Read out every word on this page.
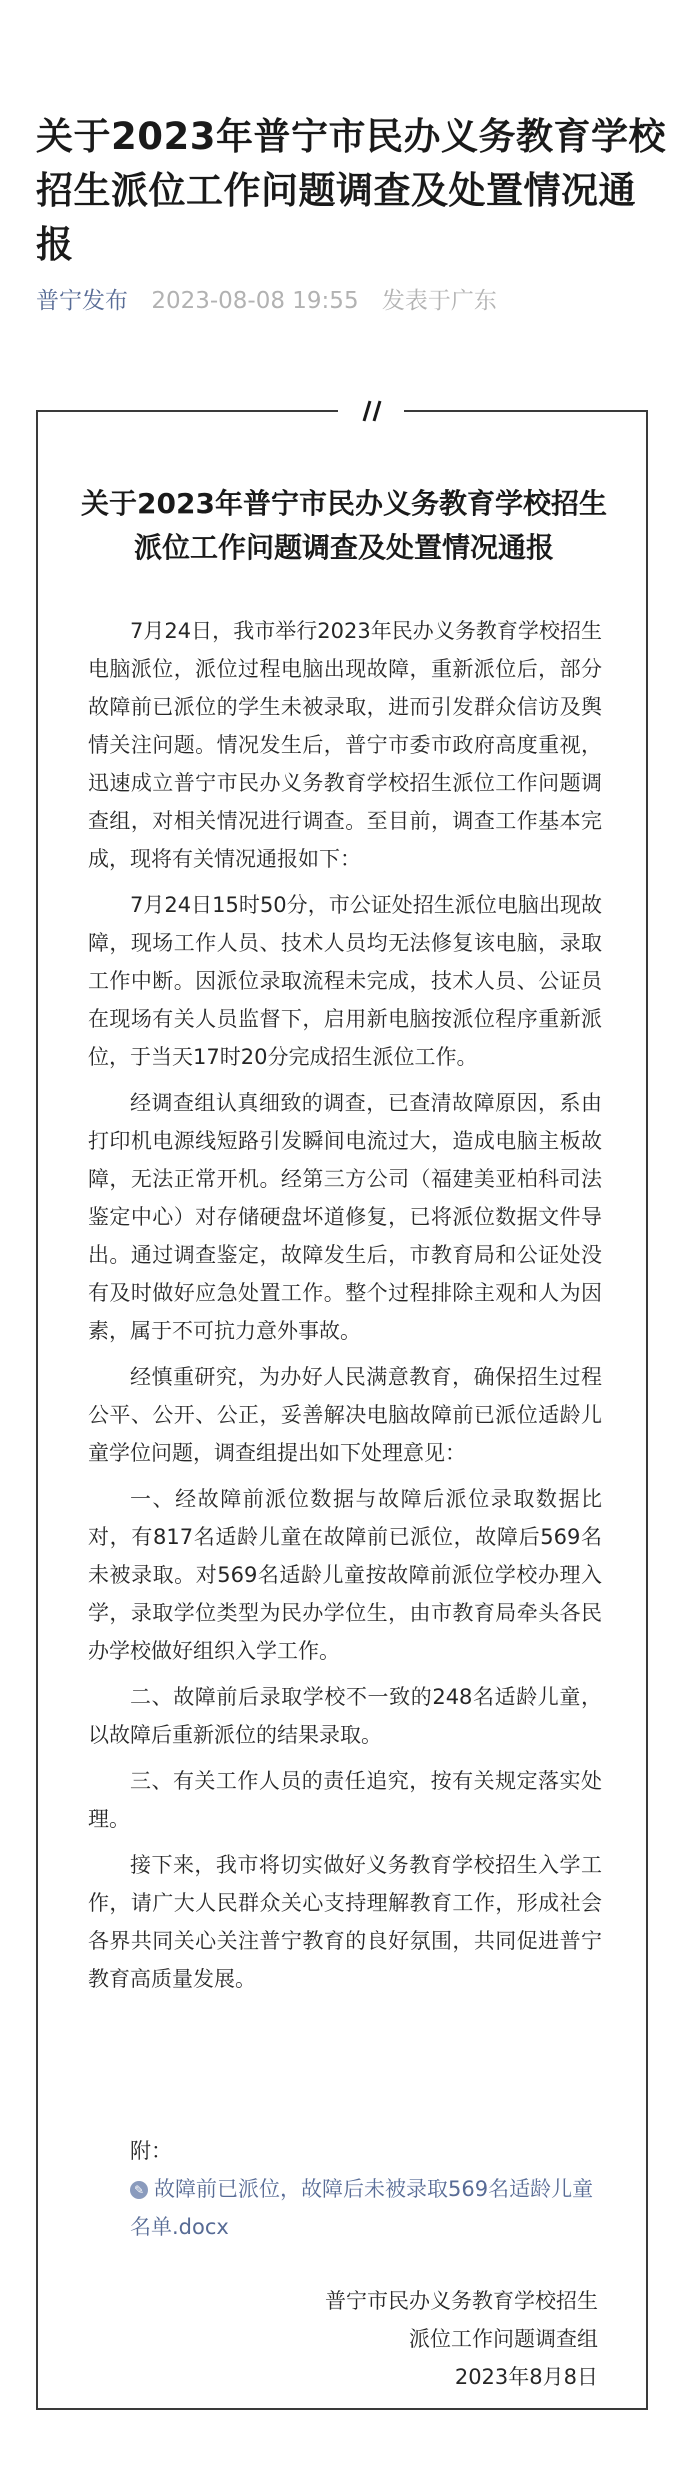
关于2023年普宁市民办义务教育学校招生派位工作问题调查及处置情况通报
普宁发布 2023-08-08 19:55 发表于广东
关于2023年普宁市民办义务教育学校招生派位工作问题调查及处置情况通报

7月24日，我市举行2023年民办义务教育学校招生电脑派位，派位过程电脑出现故障，重新派位后，部分故障前已派位的学生未被录取，进而引发群众信访及舆情关注问题。情况发生后，普宁市委市政府高度重视，迅速成立普宁市民办义务教育学校招生派位工作问题调查组，对相关情况进行调查。至目前，调查工作基本完成，现将有关情况通报如下：

7月24日15时50分，市公证处招生派位电脑出现故障，现场工作人员、技术人员均无法修复该电脑，录取工作中断。因派位录取流程未完成，技术人员、公证员在现场有关人员监督下，启用新电脑按派位程序重新派位，于当天17时20分完成招生派位工作。

经调查组认真细致的调查，已查清故障原因，系由打印机电源线短路引发瞬间电流过大，造成电脑主板故障，无法正常开机。经第三方公司（福建美亚柏科司法鉴定中心）对存储硬盘坏道修复，已将派位数据文件导出。通过调查鉴定，故障发生后，市教育局和公证处没有及时做好应急处置工作。整个过程排除主观和人为因素，属于不可抗力意外事故。

经慎重研究，为办好人民满意教育，确保招生过程公平、公开、公正，妥善解决电脑故障前已派位适龄儿童学位问题，调查组提出如下处理意见：

一、经故障前派位数据与故障后派位录取数据比对，有817名适龄儿童在故障前已派位，故障后569名未被录取。对569名适龄儿童按故障前派位学校办理入学，录取学位类型为民办学位生，由市教育局牵头各民办学校做好组织入学工作。

二、故障前后录取学校不一致的248名适龄儿童，以故障后重新派位的结果录取。

三、有关工作人员的责任追究，按有关规定落实处理。

接下来，我市将切实做好义务教育学校招生入学工作，请广大人民群众关心支持理解教育工作，形成社会各界共同关心关注普宁教育的良好氛围，共同促进普宁教育高质量发展。

附：
✎ 故障前已派位，故障后未被录取569名适龄儿童名单.docx
普宁市民办义务教育学校招生
派位工作问题调查组
2023年8月8日
